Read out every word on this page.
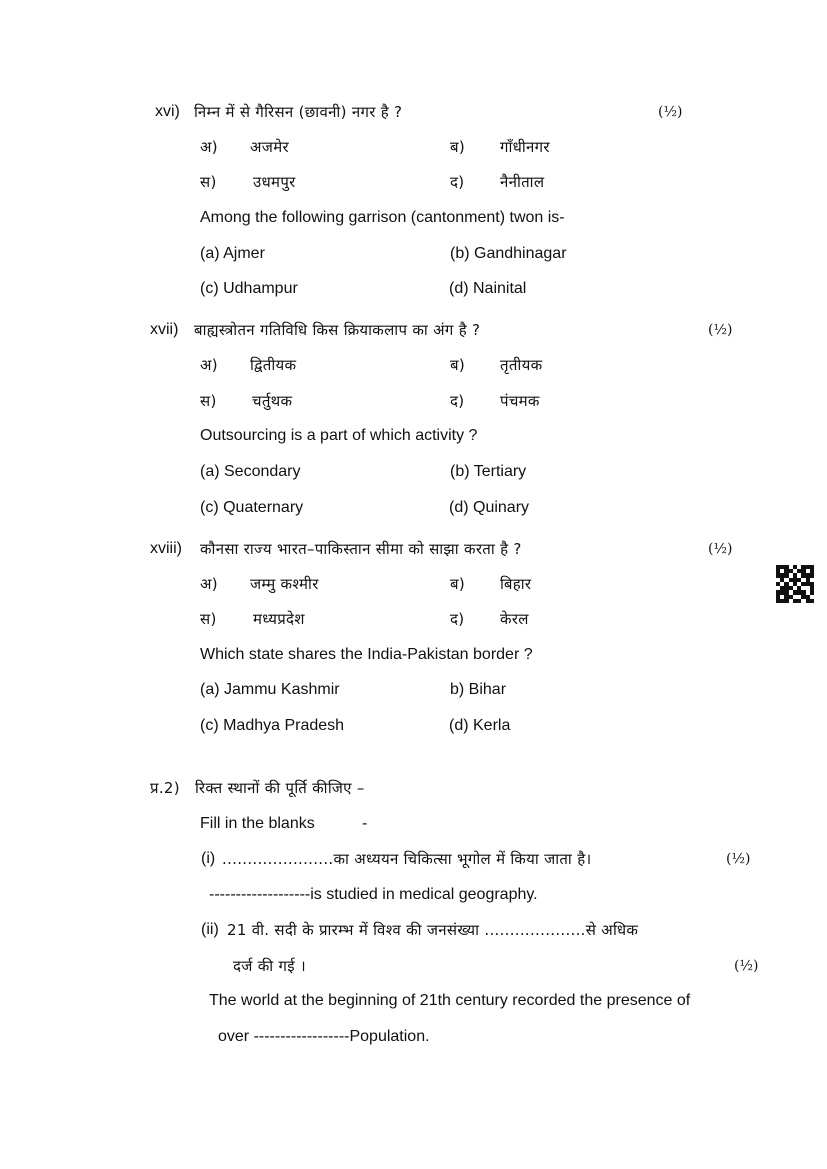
xvi) निम्न में से गैरिसन (छावनी) नगर है ?	(½)
अ) अजमेर	ब) गाँधीनगर
स) उधमपुर	द) नैनीताल
Among the following garrison (cantonment) twon is-
(a) Ajmer	(b) Gandhinagar
(c) Udhampur	(d) Nainital
xvii) बाह्यस्त्रोतन गतिविधि किस क्रियाकलाप का अंग है ?	(½)
अ) द्वितीयक	ब) तृतीयक
स) चर्तुथक	द) पंचमक
Outsourcing is a part of which activity ?
(a) Secondary	(b) Tertiary
(c) Quaternary	(d) Quinary
xviii) कौनसा राज्य भारत–पाकिस्तान सीमा को साझा करता है ?	(½)
अ) जम्मु कश्मीर	ब) बिहार
स) मध्यप्रदेश	द) केरल
Which state shares the India-Pakistan border ?
(a) Jammu Kashmir	b) Bihar
(c) Madhya Pradesh	(d) Kerla
प्र.2) रिक्त स्थानों की पूर्ति कीजिए –
Fill in the blanks	-
(i) ......................का अध्ययन चिकित्सा भूगोल में किया जाता है।	(½)
-------------------is studied in medical geography.
(ii) 21 वी. सदी के प्रारम्भ में विश्व की जनसंख्या ....................से अधिक
दर्ज की गई ।	(½)
The world at the beginning of 21th century recorded the presence of
over ------------------Population.
